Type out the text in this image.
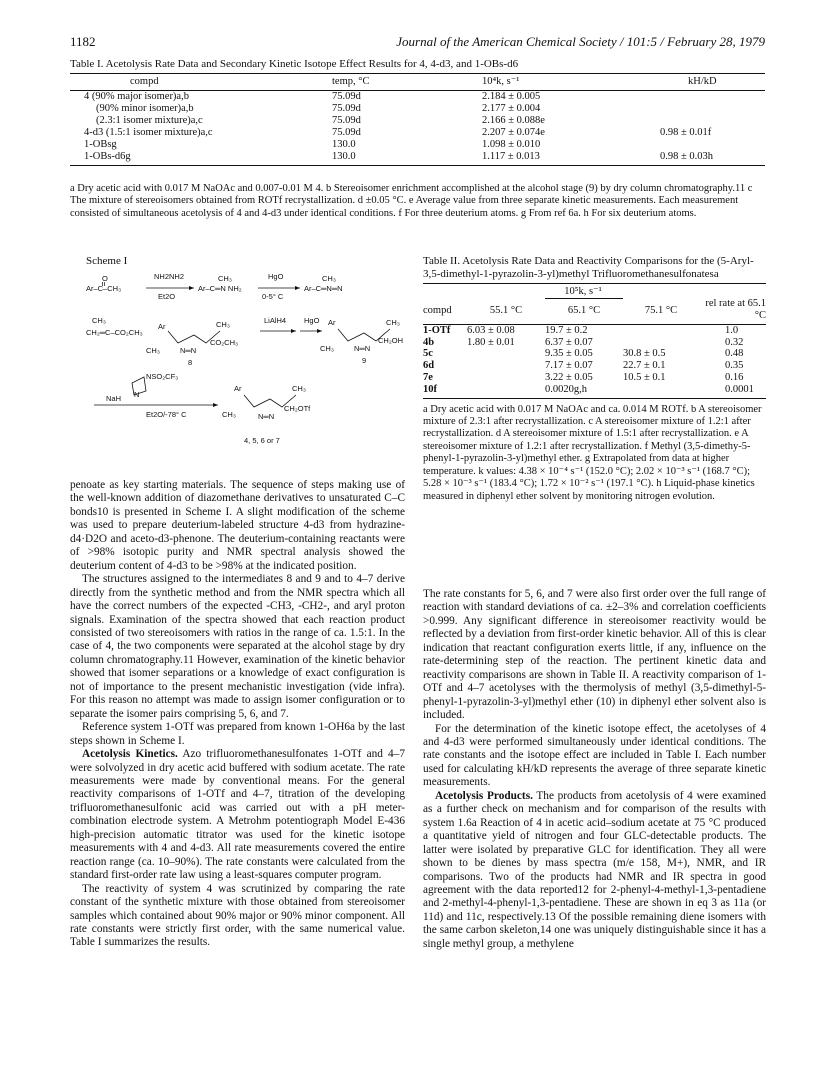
1182	Journal of the American Chemical Society / 101:5 / February 28, 1979
Table I. Acetolysis Rate Data and Secondary Kinetic Isotope Effect Results for 4, 4-d3, and 1-OBs-d6
compd	temp, °C	10⁴k, s⁻¹	kH/kD
4 (90% major isomer)a,b	75.09d	2.184 ± 0.005	
(90% minor isomer)a,b	75.09d	2.177 ± 0.004	
(2.3:1 isomer mixture)a,c	75.09d	2.166 ± 0.088e	
4-d3 (1.5:1 isomer mixture)a,c	75.09d	2.207 ± 0.074e	0.98 ± 0.01f
1-OBsg	130.0	1.098 ± 0.010	
1-OBs-d6g	130.0	1.117 ± 0.013	0.98 ± 0.03h
a Dry acetic acid with 0.017 M NaOAc and 0.007-0.01 M 4. b Stereoisomer enrichment accomplished at the alcohol stage (9) by dry column chromatography.11 c The mixture of stereoisomers obtained from ROTf recrystallization. d ±0.05 °C. e Average value from three separate kinetic measurements. Each measurement consisted of simultaneous acetolysis of 4 and 4-d3 under identical conditions. f For three deuterium atoms. g From ref 6a. h For six deuterium atoms.
Scheme I
Ar–C–CH₃
O	NH2NH2
Et2O
CH₃
Ar–C═N NH₂
HgO
0-5° C
CH₃
Ar–C═N═N
CH₃
CH₂═C–CO₂CH₃
Ar	CH₃
CH₃	N═N
CO₂CH₃
8
LiAlH4 HgO Ar	CH₃
CH₃	N═N
CH₂OH
9
NaH
NSO₂CF₃
N
Et2O/-78° C
Ar	CH₃
CH₃	N═N
CH₂OTf
4, 5, 6 or 7
Table II. Acetolysis Rate Data and Reactivity Comparisons for the (5-Aryl-3,5-dimethyl-1-pyrazolin-3-yl)methyl Trifluoromethanesulfonatesa
	10⁵k, s⁻¹			
compd	55.1 °C	65.1 °C	75.1 °C	rel rate at 65.1 °C
1-OTf	6.03 ± 0.08	19.7 ± 0.2		1.0
4b	1.80 ± 0.01	6.37 ± 0.07		0.32
5c		9.35 ± 0.05	30.8 ± 0.5	0.48
6d		7.17 ± 0.07	22.7 ± 0.1	0.35
7e		3.22 ± 0.05	10.5 ± 0.1	0.16
10f		0.0020g,h		0.0001
a Dry acetic acid with 0.017 M NaOAc and ca. 0.014 M ROTf. b A stereoisomer mixture of 2.3:1 after recrystallization. c A stereoisomer mixture of 1.2:1 after recrystallization. d A stereoisomer mixture of 1.5:1 after recrystallization. e A stereoisomer mixture of 1.2:1 after recrystallization. f Methyl (3,5-dimethy-5-phenyl-1-pyrazolin-3-yl)methyl ether. g Extrapolated from data at higher temperature. k values: 4.38 × 10⁻⁴ s⁻¹ (152.0 °C); 2.02 × 10⁻³ s⁻¹ (168.7 °C); 5.28 × 10⁻³ s⁻¹ (183.4 °C); 1.72 × 10⁻² s⁻¹ (197.1 °C). h Liquid-phase kinetics measured in diphenyl ether solvent by monitoring nitrogen evolution.

penoate as key starting materials. The sequence of steps making use of the well-known addition of diazomethane derivatives to unsaturated C–C bonds10 is presented in Scheme I. A slight modification of the scheme was used to prepare deuterium-labeled structure 4-d3 from hydrazine-d4·D2O and aceto-d3-phenone. The deuterium-containing reactants were of >98% isotopic purity and NMR spectral analysis showed the deuterium content of 4-d3 to be >98% at the indicated position.

The structures assigned to the intermediates 8 and 9 and to 4–7 derive directly from the synthetic method and from the NMR spectra which all have the correct numbers of the expected -CH3, -CH2-, and aryl proton signals. Examination of the spectra showed that each reaction product consisted of two stereoisomers with ratios in the range of ca. 1.5:1. In the case of 4, the two components were separated at the alcohol stage by dry column chromatography.11 However, examination of the kinetic behavior showed that isomer separations or a knowledge of exact configuration is not of importance to the present mechanistic investigation (vide infra). For this reason no attempt was made to assign isomer configuration or to separate the isomer pairs comprising 5, 6, and 7.

Reference system 1-OTf was prepared from known 1-OH6a by the last steps shown in Scheme I.

Acetolysis Kinetics. Azo trifluoromethanesulfonates 1-OTf and 4–7 were solvolyzed in dry acetic acid buffered with sodium acetate. The rate measurements were made by conventional means. For the general reactivity comparisons of 1-OTf and 4–7, titration of the developing trifluoromethanesulfonic acid was carried out with a pH meter-combination electrode system. A Metrohm potentiograph Model E-436 high-precision automatic titrator was used for the kinetic isotope measurements with 4 and 4-d3. All rate measurements covered the entire reaction range (ca. 10–90%). The rate constants were calculated from the standard first-order rate law using a least-squares computer program.

The reactivity of system 4 was scrutinized by comparing the rate constant of the synthetic mixture with those obtained from stereoisomer samples which contained about 90% major or 90% minor component. All rate constants were strictly first order, with the same numerical value. Table I summarizes the results.

The rate constants for 5, 6, and 7 were also first order over the full range of reaction with standard deviations of ca. ±2–3% and correlation coefficients >0.999. Any significant difference in stereoisomer reactivity would be reflected by a deviation from first-order kinetic behavior. All of this is clear indication that reactant configuration exerts little, if any, influence on the rate-determining step of the reaction. The pertinent kinetic data and reactivity comparisons are shown in Table II. A reactivity comparison of 1-OTf and 4–7 acetolyses with the thermolysis of methyl (3,5-dimethyl-5-phenyl-1-pyrazolin-3-yl)methyl ether (10) in diphenyl ether solvent also is included.

For the determination of the kinetic isotope effect, the acetolyses of 4 and 4-d3 were performed simultaneously under identical conditions. The rate constants and the isotope effect are included in Table I. Each number used for calculating kH/kD represents the average of three separate kinetic measurements.

Acetolysis Products. The products from acetolysis of 4 were examined as a further check on mechanism and for comparison of the results with system 1.6a Reaction of 4 in acetic acid–sodium acetate at 75 °C produced a quantitative yield of nitrogen and four GLC-detectable products. The latter were isolated by preparative GLC for identification. They all were shown to be dienes by mass spectra (m/e 158, M+), NMR, and IR comparisons. Two of the products had NMR and IR spectra in good agreement with the data reported12 for 2-phenyl-4-methyl-1,3-pentadiene and 2-methyl-4-phenyl-1,3-pentadiene. These are shown in eq 3 as 11a (or 11d) and 11c, respectively.13 Of the possible remaining diene isomers with the same carbon skeleton,14 one was uniquely distinguishable since it has a single methyl group, a methylene
